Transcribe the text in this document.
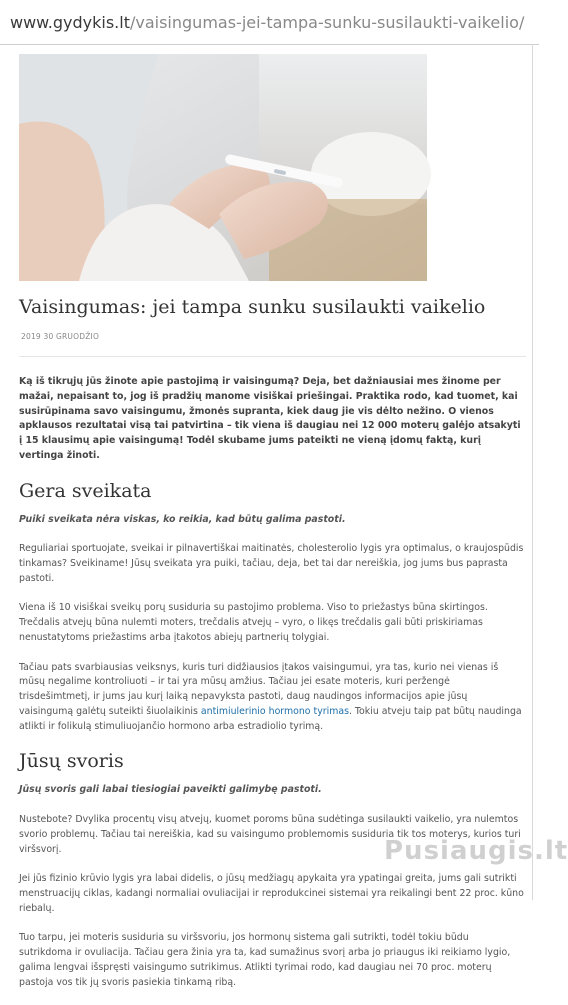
www.gydykis.lt/vaisingumas-jei-tampa-sunku-susilaukti-vaikelio/
Vaisingumas: jei tampa sunku susilaukti vaikelio
2019 30 GRUODŽIO

Ką iš tikrųjų jūs žinote apie pastojimą ir vaisingumą? Deja, bet dažniausiai mes žinome per mažai, nepaisant to, jog iš pradžių manome visiškai priešingai. Praktika rodo, kad tuomet, kai susirūpinama savo vaisingumu, žmonės supranta, kiek daug jie vis dėlto nežino. O vienos apklausos rezultatai visą tai patvirtina – tik viena iš daugiau nei 12 000 moterų galėjo atsakyti į 15 klausimų apie vaisingumą! Todėl skubame jums pateikti ne vieną įdomų faktą, kurį vertinga žinoti.

Gera sveikata

Puiki sveikata nėra viskas, ko reikia, kad būtų galima pastoti.

Reguliariai sportuojate, sveikai ir pilnavertiškai maitinatės, cholesterolio lygis yra optimalus, o kraujospūdis tinkamas? Sveikiname! Jūsų sveikata yra puiki, tačiau, deja, bet tai dar nereiškia, jog jums bus paprasta pastoti.

Viena iš 10 visiškai sveikų porų susiduria su pastojimo problema. Viso to priežastys būna skirtingos. Trečdalis atvejų būna nulemti moters, trečdalis atvejų – vyro, o likęs trečdalis gali būti priskiriamas nenustatytoms priežastims arba įtakotos abiejų partnerių tolygiai.

Tačiau pats svarbiausias veiksnys, kuris turi didžiausios įtakos vaisingumui, yra tas, kurio nei vienas iš mūsų negalime kontroliuoti – ir tai yra mūsų amžius. Tačiau jei esate moteris, kuri peržengė trisdešimtmetį, ir jums jau kurį laiką nepavyksta pastoti, daug naudingos informacijos apie jūsų vaisingumą galėtų suteikti šiuolaikinis antimiulerinio hormono tyrimas. Tokiu atveju taip pat būtų naudinga atlikti ir folikulą stimuliuojančio hormono arba estradiolio tyrimą.

Jūsų svoris

Jūsų svoris gali labai tiesiogiai paveikti galimybę pastoti.

Nustebote? Dvylika procentų visų atvejų, kuomet poroms būna sudėtinga susilaukti vaikelio, yra nulemtos svorio problemų. Tačiau tai nereiškia, kad su vaisingumo problemomis susiduria tik tos moterys, kurios turi viršsvorį.

Jei jūs fizinio krūvio lygis yra labai didelis, o jūsų medžiagų apykaita yra ypatingai greita, jums gali sutrikti menstruacijų ciklas, kadangi normaliai ovuliacijai ir reprodukcinei sistemai yra reikalingi bent 22 proc. kūno riebalų.

Tuo tarpu, jei moteris susiduria su viršsvoriu, jos hormonų sistema gali sutrikti, todėl tokiu būdu sutrikdoma ir ovuliacija. Tačiau gera žinia yra ta, kad sumažinus svorį arba jo priaugus iki reikiamo lygio, galima lengvai išspręsti vaisingumo sutrikimus. Atlikti tyrimai rodo, kad daugiau nei 70 proc. moterų pastoja vos tik jų svoris pasiekia tinkamą ribą.

Pusiaugis.lt
